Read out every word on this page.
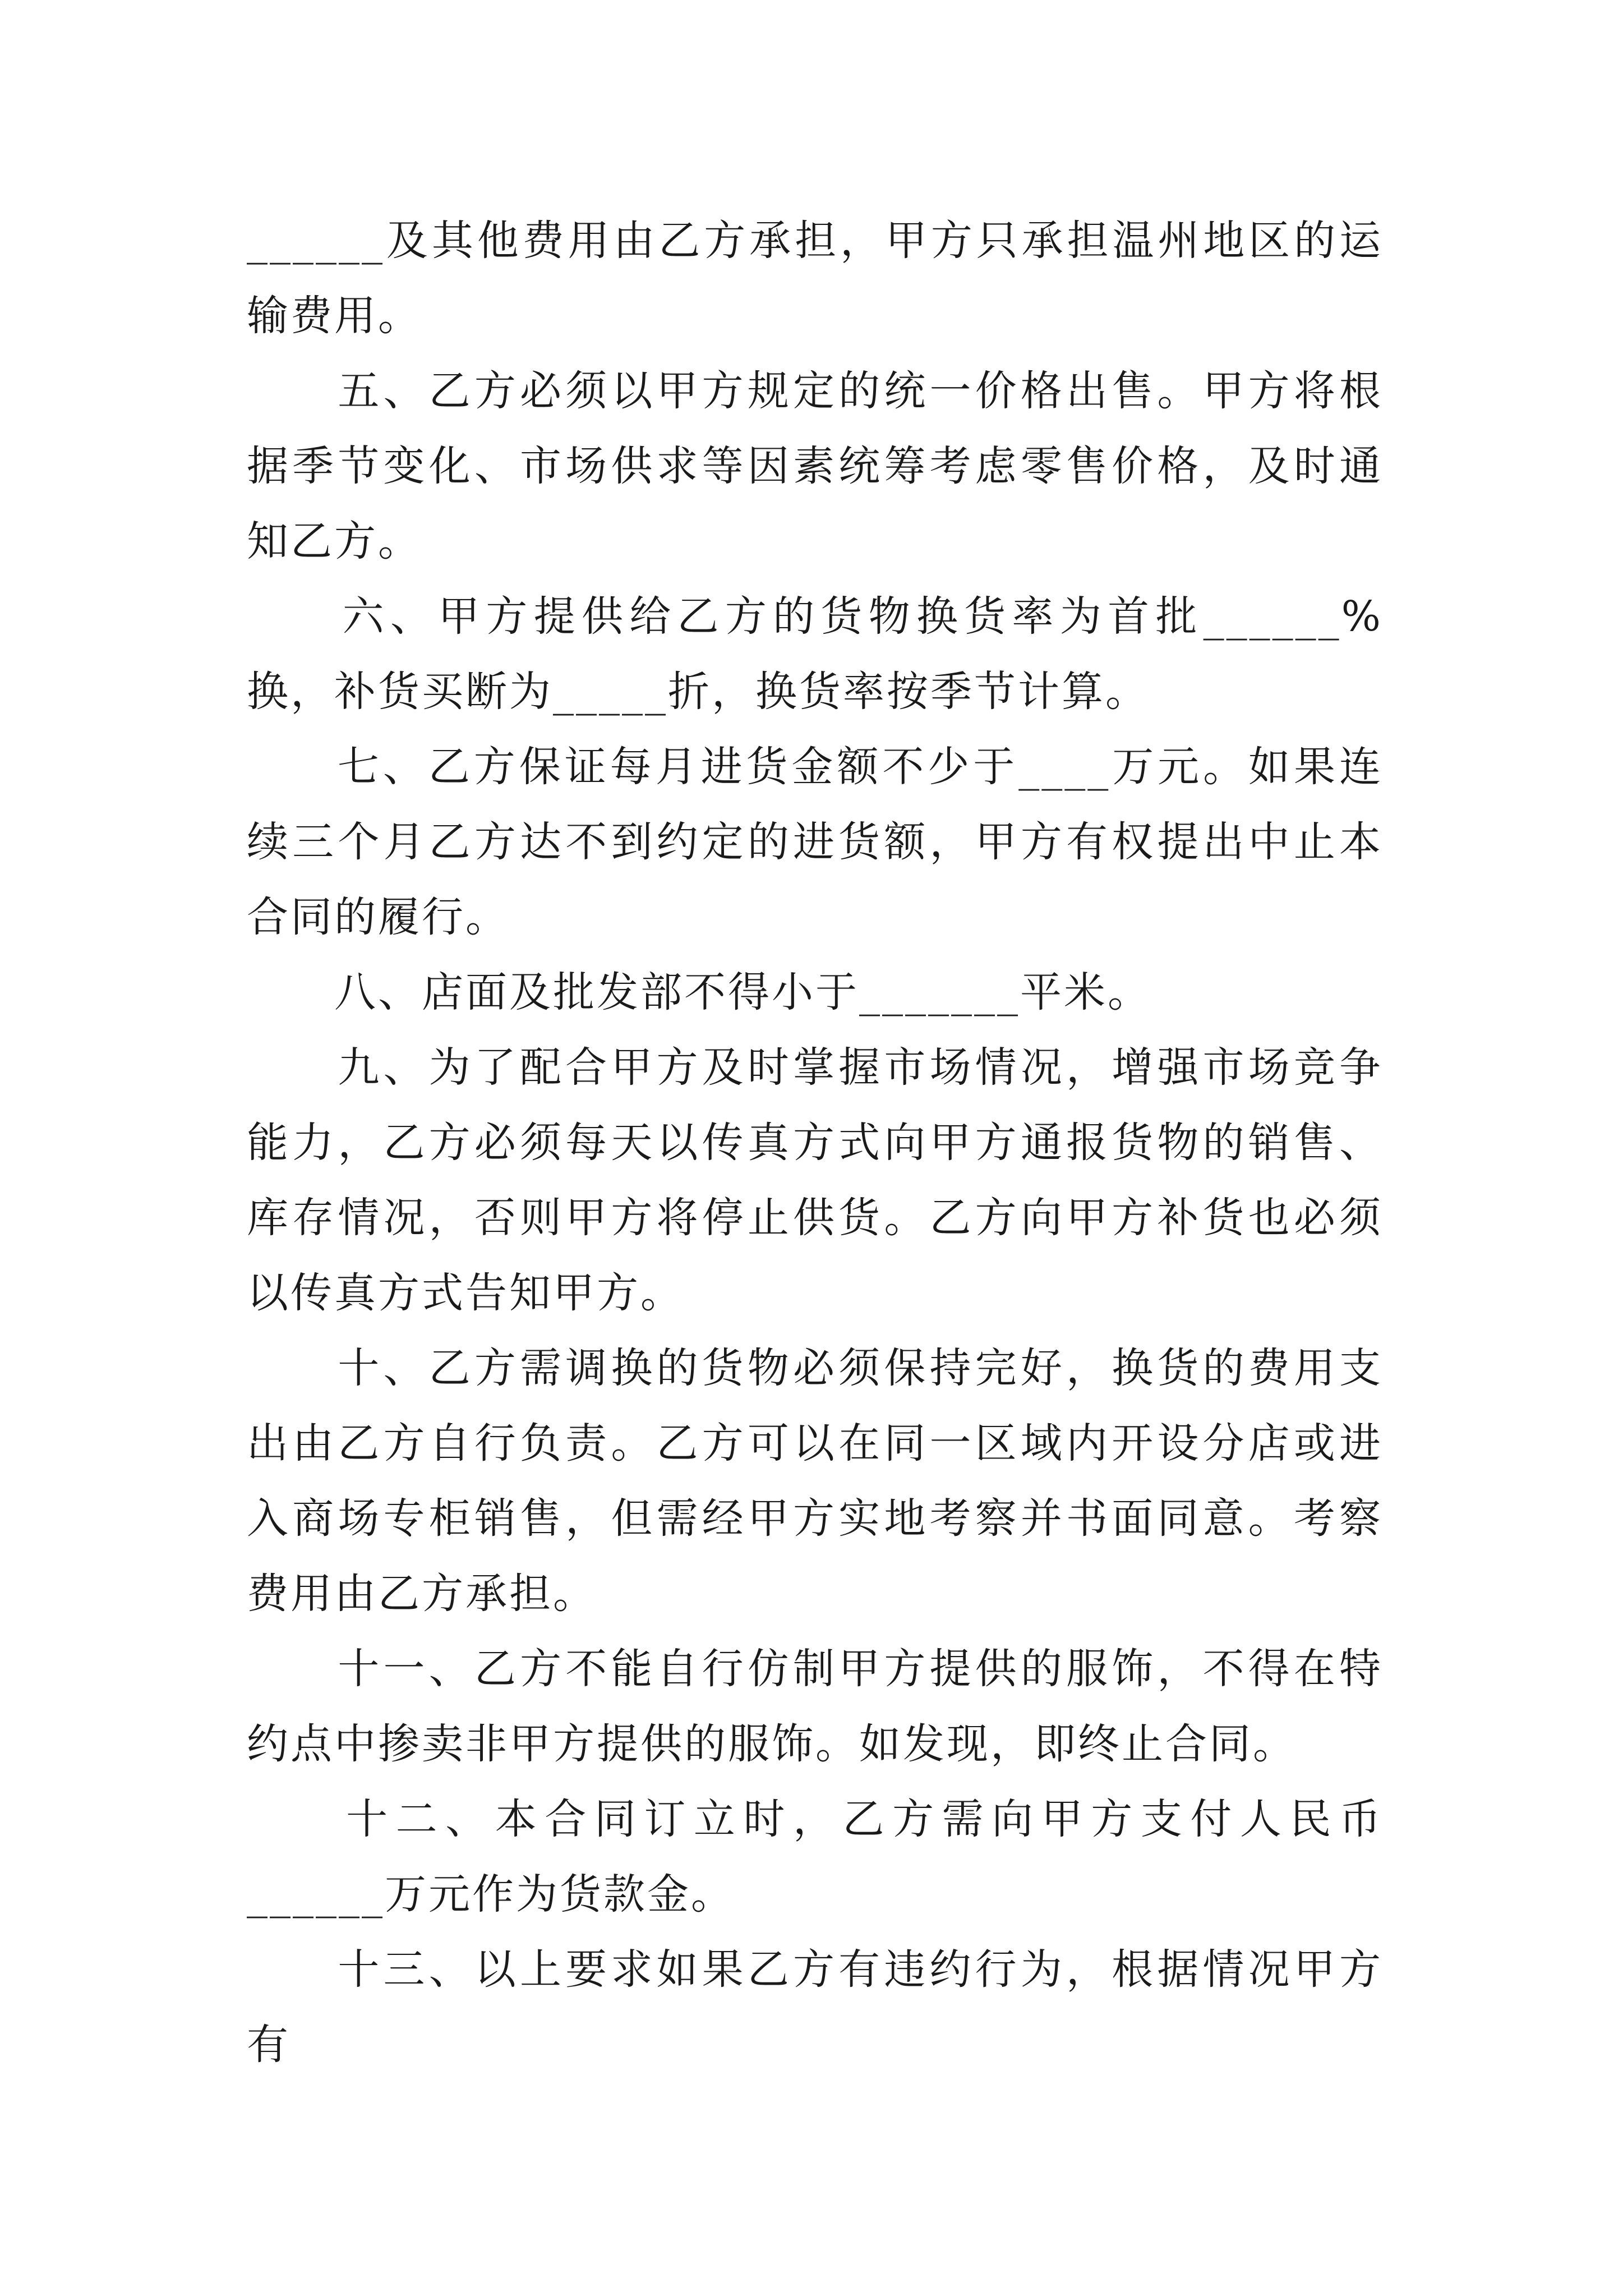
______及其他费用由乙方承担，甲方只承担温州地区的运输费用。

　　五、乙方必须以甲方规定的统一价格出售。甲方将根据季节变化、市场供求等因素统筹考虑零售价格，及时通知乙方。

　　六、甲方提供给乙方的货物换货率为首批______%换，补货买断为_____折，换货率按季节计算。

　　七、乙方保证每月进货金额不少于____万元。如果连续三个月乙方达不到约定的进货额，甲方有权提出中止本合同的履行。

　　八、店面及批发部不得小于_______平米。

　　九、为了配合甲方及时掌握市场情况，增强市场竞争能力，乙方必须每天以传真方式向甲方通报货物的销售、库存情况，否则甲方将停止供货。乙方向甲方补货也必须以传真方式告知甲方。

　　十、乙方需调换的货物必须保持完好，换货的费用支出由乙方自行负责。乙方可以在同一区域内开设分店或进入商场专柜销售，但需经甲方实地考察并书面同意。考察费用由乙方承担。

　　十一、乙方不能自行仿制甲方提供的服饰，不得在特约点中掺卖非甲方提供的服饰。如发现，即终止合同。

　　十二、本合同订立时，乙方需向甲方支付人民币______万元作为货款金。

　　十三、以上要求如果乙方有违约行为，根据情况甲方有
